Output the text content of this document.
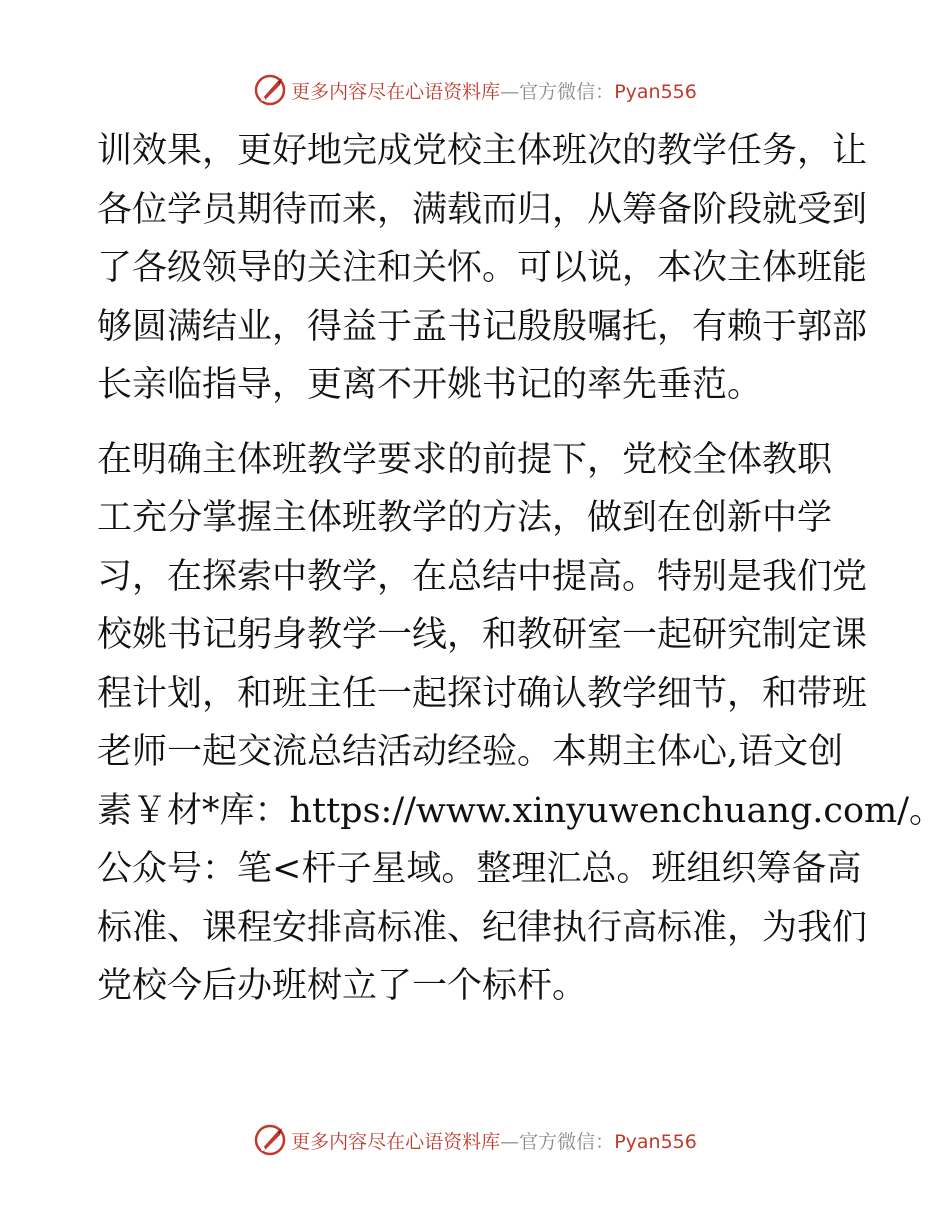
更多内容尽在心语资料库—官方微信：Pyan556

训效果，更好地完成党校主体班次的教学任务，让
各位学员期待而来，满载而归，从筹备阶段就受到
了各级领导的关注和关怀。可以说，本次主体班能
够圆满结业，得益于孟书记殷殷嘱托，有赖于郭部
长亲临指导，更离不开姚书记的率先垂范。

在明确主体班教学要求的前提下，党校全体教职
工充分掌握主体班教学的方法，做到在创新中学
习，在探索中教学，在总结中提高。特别是我们党
校姚书记躬身教学一线，和教研室一起研究制定课
程计划，和班主任一起探讨确认教学细节，和带班
老师一起交流总结活动经验。本期主体心,语文创
素￥材*库：https://www.xinyuwenchuang.com/。
公众号：笔<杆子星域。整理汇总。班组织筹备高
标准、课程安排高标准、纪律执行高标准，为我们
党校今后办班树立了一个标杆。

更多内容尽在心语资料库—官方微信：Pyan556
